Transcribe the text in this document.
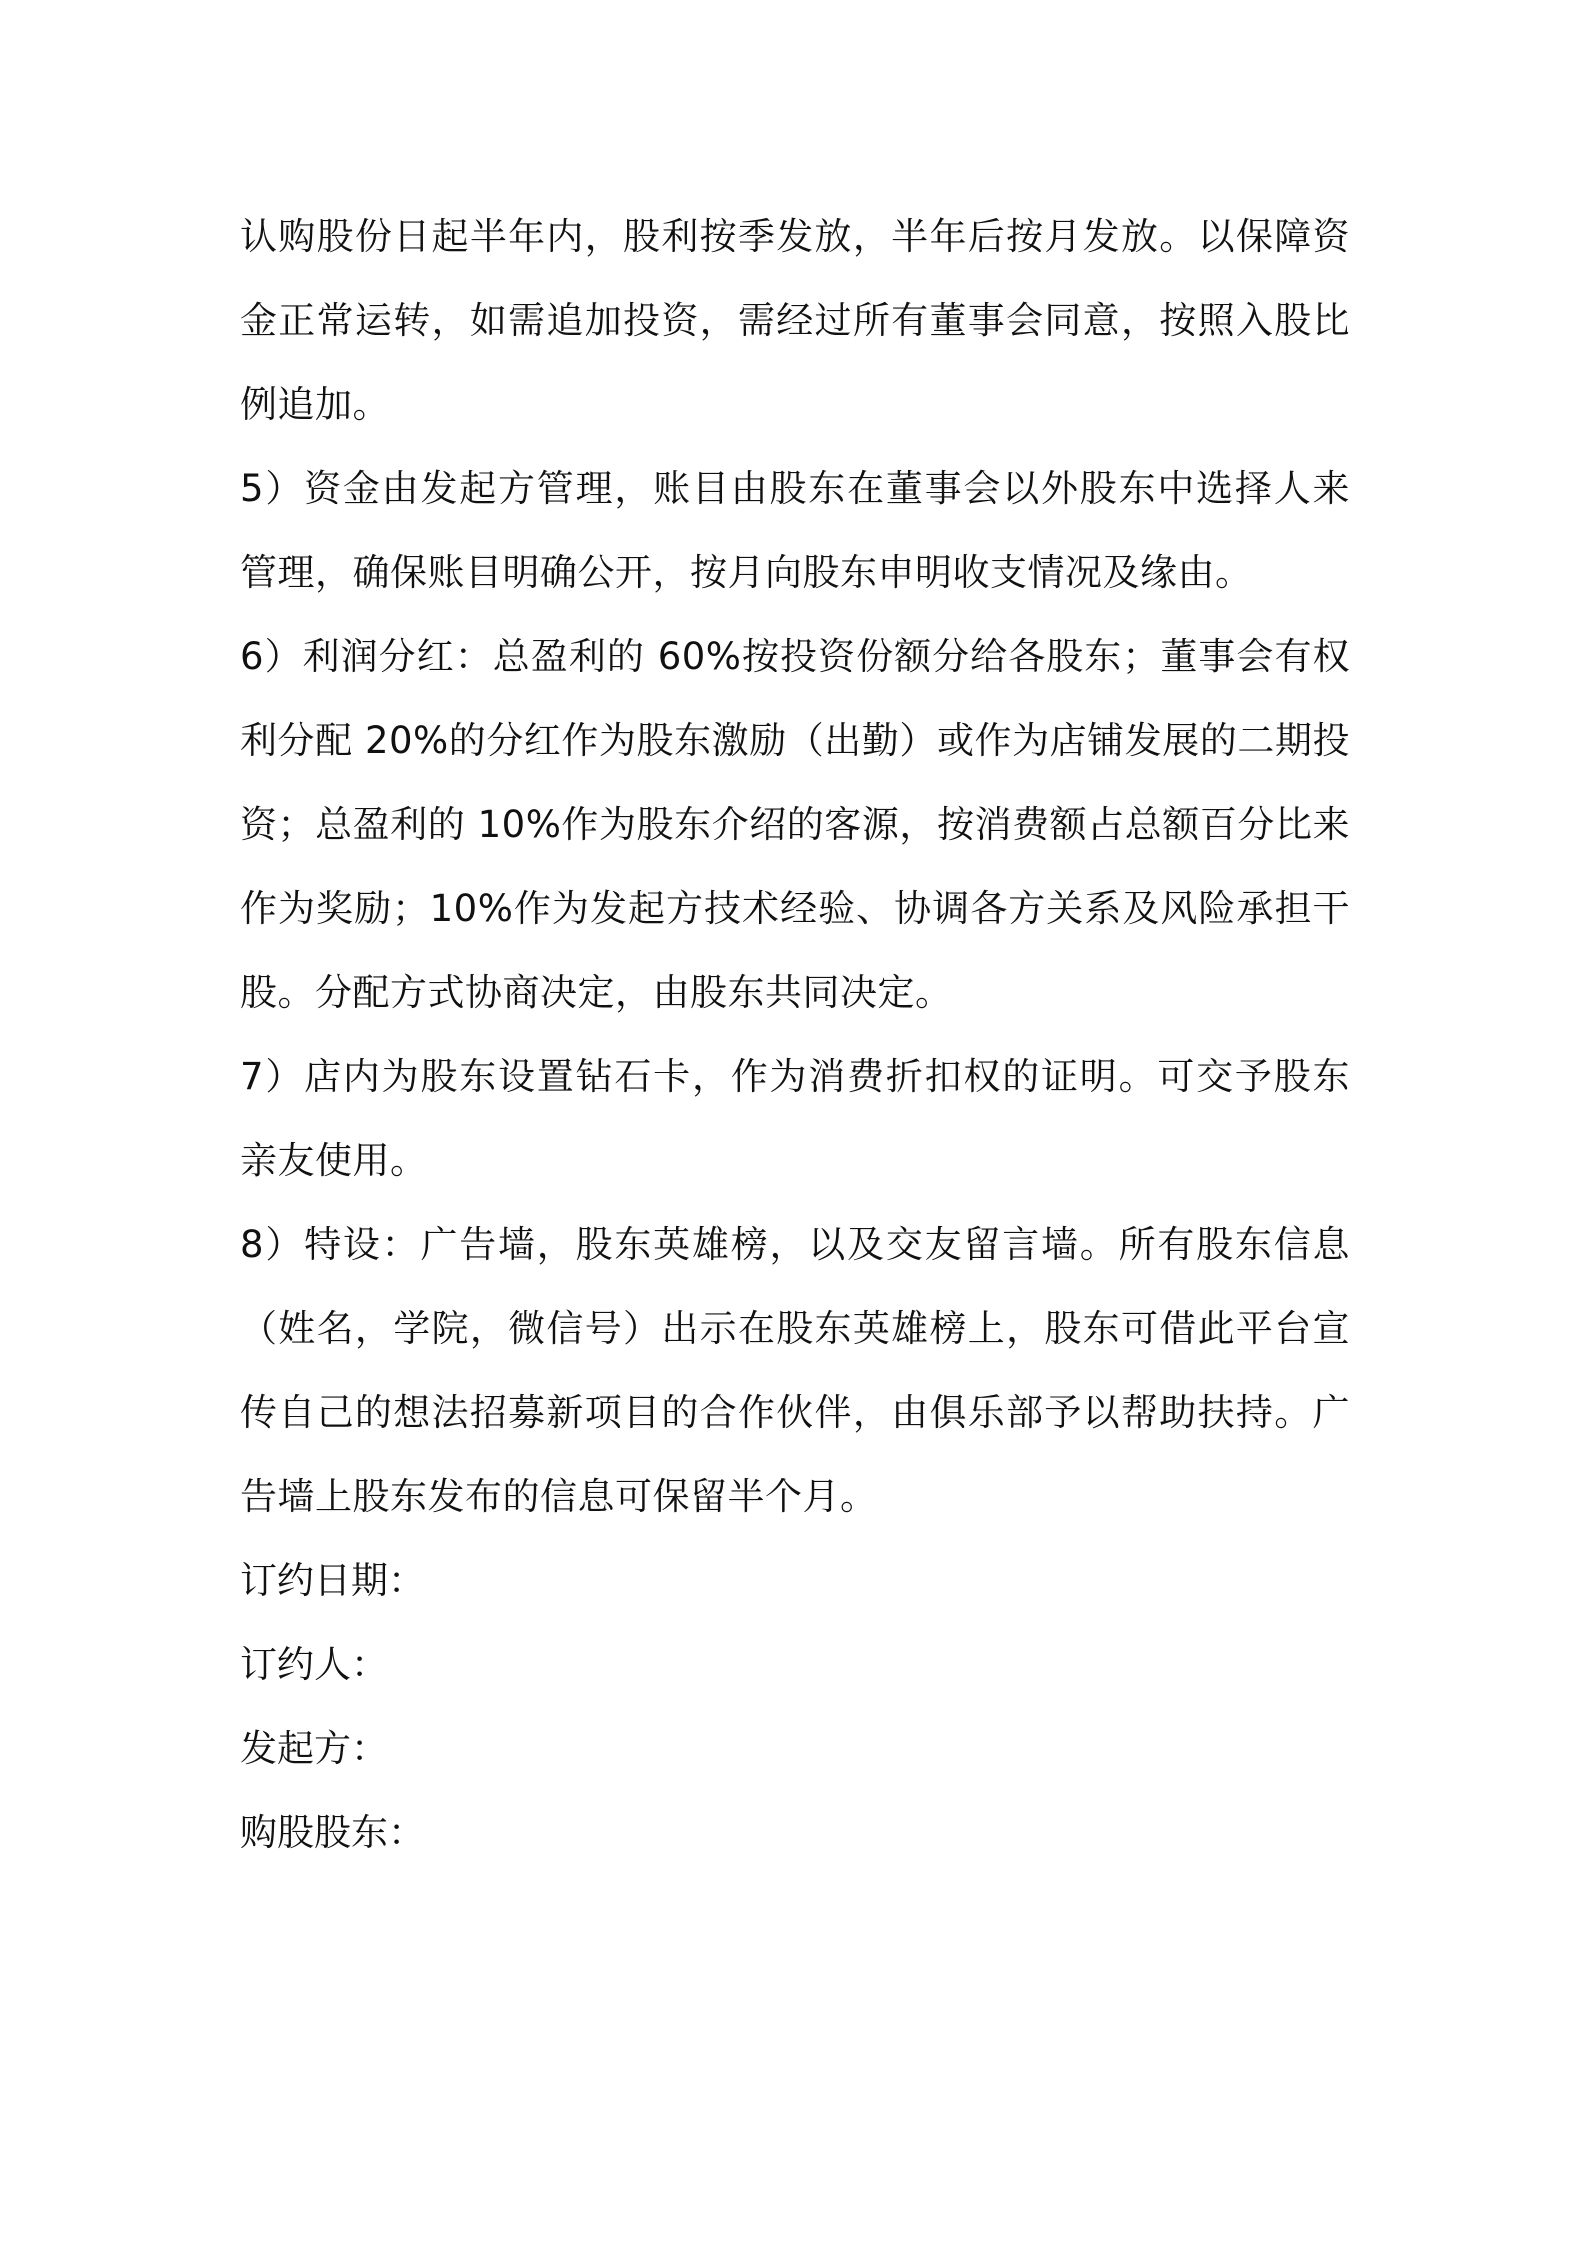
认购股份日起半年内，股利按季发放，半年后按月发放。以保障资金正常运转，如需追加投资，需经过所有董事会同意，按照入股比例追加。

5）资金由发起方管理，账目由股东在董事会以外股东中选择人来管理，确保账目明确公开，按月向股东申明收支情况及缘由。

6）利润分红：总盈利的 60%按投资份额分给各股东；董事会有权利分配 20%的分红作为股东激励（出勤）或作为店铺发展的二期投资；总盈利的 10%作为股东介绍的客源，按消费额占总额百分比来作为奖励；10%作为发起方技术经验、协调各方关系及风险承担干股。分配方式协商决定，由股东共同决定。

7）店内为股东设置钻石卡，作为消费折扣权的证明。可交予股东亲友使用。

8）特设：广告墙，股东英雄榜，以及交友留言墙。所有股东信息（姓名，学院，微信号）出示在股东英雄榜上，股东可借此平台宣传自己的想法招募新项目的合作伙伴，由俱乐部予以帮助扶持。广告墙上股东发布的信息可保留半个月。

订约日期：

订约人：

发起方：

购股股东：
